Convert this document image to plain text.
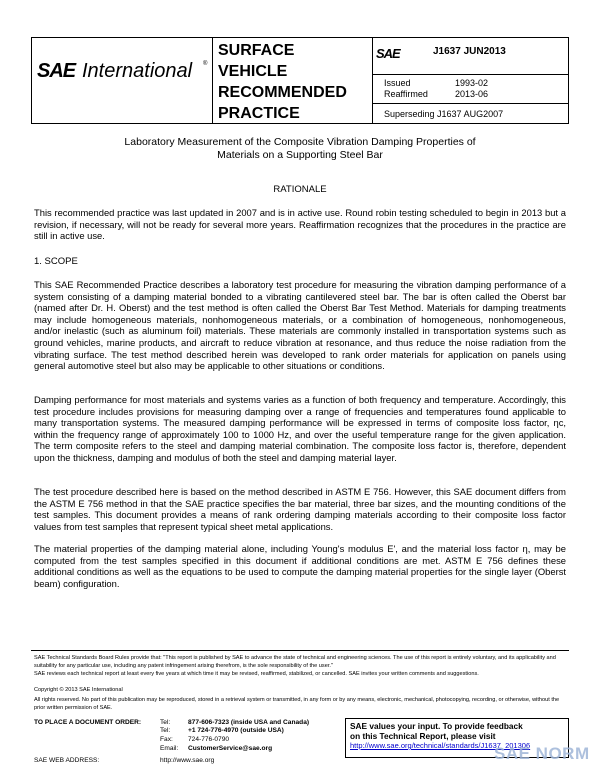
SAE International ®
SURFACE
VEHICLE
RECOMMENDED
PRACTICE
SAE	J1637 JUN2013
Issued	1993-02
Reaffirmed	2013-06
Superseding J1637 AUG2007
Laboratory Measurement of the Composite Vibration Damping Properties of
Materials on a Supporting Steel Bar
RATIONALE
This recommended practice was last updated in 2007 and is in active use. Round robin testing scheduled to begin in 2013 but a revision, if necessary, will not be ready for several more years. Reaffirmation recognizes that the procedures in the practice are still in active use.
1. SCOPE
This SAE Recommended Practice describes a laboratory test procedure for measuring the vibration damping performance of a system consisting of a damping material bonded to a vibrating cantilevered steel bar. The bar is often called the Oberst bar (named after Dr. H. Oberst) and the test method is often called the Oberst Bar Test Method. Materials for damping treatments may include homogeneous materials, nonhomogeneous materials, or a combination of homogeneous, nonhomogeneous, and/or inelastic (such as aluminum foil) materials. These materials are commonly installed in transportation systems such as ground vehicles, marine products, and aircraft to reduce vibration at resonance, and thus reduce the noise radiation from the vibrating surface. The test method described herein was developed to rank order materials for application on panels using general automotive steel but also may be applicable to other situations or conditions.
Damping performance for most materials and systems varies as a function of both frequency and temperature. Accordingly, this test procedure includes provisions for measuring damping over a range of frequencies and temperatures found applicable to many transportation systems. The measured damping performance will be expressed in terms of composite loss factor, ηc, within the frequency range of approximately 100 to 1000 Hz, and over the useful temperature range for the given application. The term composite refers to the steel and damping material combination. The composite loss factor is, therefore, dependent upon the thickness, damping and modulus of both the steel and damping material layer.
The test procedure described here is based on the method described in ASTM E 756. However, this SAE document differs from the ASTM E 756 method in that the SAE practice specifies the bar material, three bar sizes, and the mounting conditions of the test samples. This document provides a means of rank ordering damping materials according to their composite loss factor values from test samples that represent typical sheet metal applications.
The material properties of the damping material alone, including Young's modulus E', and the material loss factor η, may be computed from the test samples specified in this document if additional conditions are met. ASTM E 756 defines these additional conditions as well as the equations to be used to compute the damping material properties for the single layer (Oberst beam) configuration.
SAE Technical Standards Board Rules provide that: "This report is published by SAE to advance the state of technical and engineering sciences. The use of this report is entirely voluntary, and its applicability and suitability for any particular use, including any patent infringement arising therefrom, is the sole responsibility of the user."
SAE reviews each technical report at least every five years at which time it may be revised, reaffirmed, stabilized, or cancelled. SAE invites your written comments and suggestions.
Copyright © 2013 SAE International
All rights reserved. No part of this publication may be reproduced, stored in a retrieval system or transmitted, in any form or by any means, electronic, mechanical, photocopying, recording, or otherwise, without the prior written permission of SAE.
TO PLACE A DOCUMENT ORDER:
SAE WEB ADDRESS:
Tel:	877-606-7323 (inside USA and Canada)
Tel:	+1 724-776-4970 (outside USA)
Fax: 724-776-0790
Email: CustomerService@sae.org
http://www.sae.org
SAE values your input. To provide feedback
on this Technical Report, please visit
http://www.sae.org/technical/standards/J1637_201306
SAE NORM
